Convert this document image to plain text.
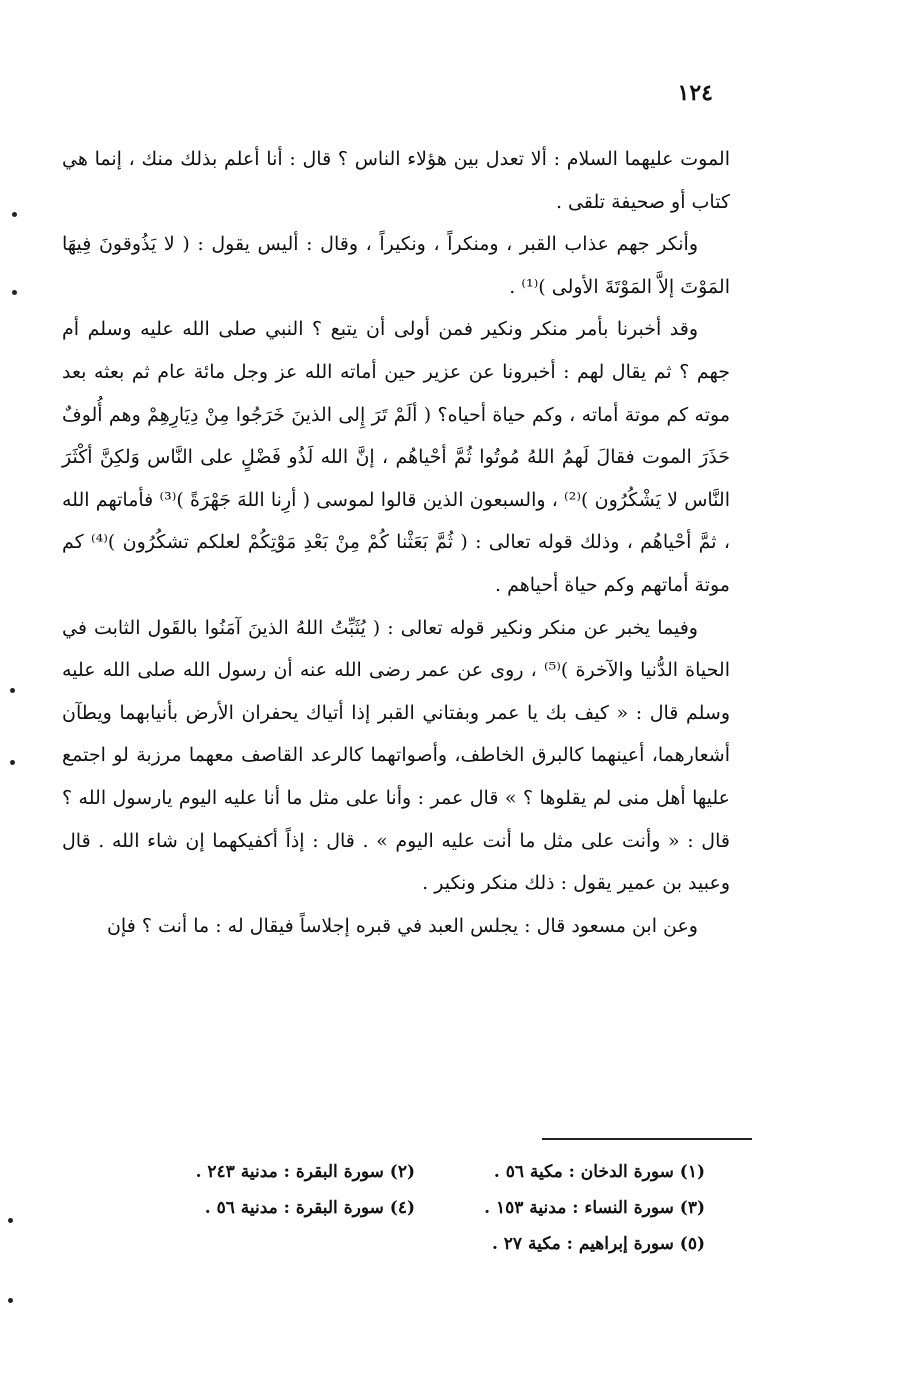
١٢٤

الموت عليهما السلام : ألا تعدل بين هؤلاء الناس ؟ قال : أنا أعلم بذلك منك ، إنما هي كتاب أو صحيفة تلقى .

وأنكر جهم عذاب القبر ، ومنكراً ، ونكيراً ، وقال : أليس يقول : ( لا يَذُوقونَ فِيهَا المَوْتَ إلاَّ المَوْتَةَ الأولى )⁽¹⁾ .

وقد أخبرنا بأمر منكر ونكير فمن أولى أن يتبع ؟ النبي صلى الله عليه وسلم أم جهم ؟ ثم يقال لهم : أخبرونا عن عزير حين أماته الله عز وجل مائة عام ثم بعثه بعد موته كم موتة أماته ، وكم حياة أحياه؟ ( ألَمْ تَرَ إِلى الذينَ خَرَجُوا مِنْ دِيَارِهِمْ وهم أُلوفٌ حَذَرَ الموت فقالَ لَهمُ اللهُ مُوتُوا ثُمَّ أحْياهُم ، إنَّ الله لَذُو فَضْلٍ على النَّاس وَلكِنَّ أكْثَرَ النَّاس لا يَشْكُرُون )⁽²⁾ ، والسبعون الذين قالوا لموسى ( أرِنا اللهَ جَهْرَةً )⁽³⁾ فأماتهم الله ، ثمَّ أحْياهُم ، وذلك قوله تعالى : ( ثُمَّ بَعَثْنا كُمْ مِنْ بَعْدِ مَوْتِكُمْ لعلكم تشكُرُون )⁽⁴⁾ كم موتة أماتهم وكم حياة أحياهم .

وفيما يخبر عن منكر ونكير قوله تعالى : ( يُثَبِّتُ اللهُ الذينَ آمَنُوا بالقَول الثابت في الحياة الدُّنيا والآخرة )⁽⁵⁾ ، روى عن عمر رضى الله عنه أن رسول الله صلى الله عليه وسلم قال : « كيف بك يا عمر وبفتاني القبر إذا أتياك يحفران الأرض بأنيابهما ويطآن أشعارهما، أعينهما كالبرق الخاطف، وأصواتهما كالرعد القاصف معهما مرزبة لو اجتمع عليها أهل منى لم يقلوها ؟ » قال عمر : وأنا على مثل ما أنا عليه اليوم يارسول الله ؟ قال : « وأنت على مثل ما أنت عليه اليوم » . قال : إذاً أكفيكهما إن شاء الله . قال وعبيد بن عمير يقول : ذلك منكر ونكير .

وعن ابن مسعود قال : يجلس العبد في قبره إجلاساً فيقال له : ما أنت ؟ فإن

(١) سورة الدخان : مكية ٥٦ .
(٢) سورة البقرة : مدنية ٢٤٣ .
(٣) سورة النساء : مدنية ١٥٣ .
(٤) سورة البقرة : مدنية ٥٦ .
(٥) سورة إبراهيم : مكية ٢٧ .
